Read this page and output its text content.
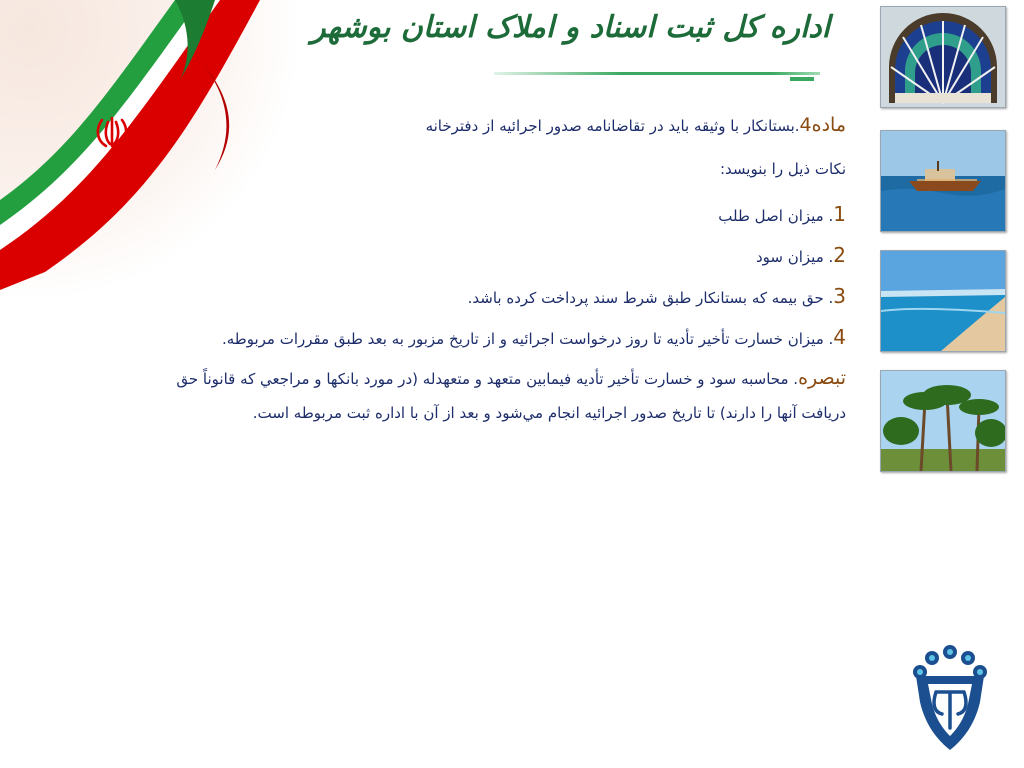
اداره کل ثبت اسناد و املاک استان بوشهر
ماده4.بستانکار با وثیقه باید در تقاضانامه صدور اجرائیه از دفترخانه
نکات ذیل را بنویسد:
1. میزان اصل طلب
2. میزان سود
3. حق بیمه که بستانکار طبق شرط سند پرداخت کرده باشد.
4. میزان خسارت تأخیر تأدیه تا روز درخواست اجرائیه و از تاریخ مزبور به بعد طبق مقررات مربوطه.
تبصره. محاسبه سود و خسارت تأخیر تأدیه فیمابین متعهد و متعهدله (در مورد بانکها و مراجعي که قانوناً حق
دریافت آنها را دارند) تا تاریخ صدور اجرائیه انجام مي‌شود و بعد از آن با اداره ثبت مربوطه است.
